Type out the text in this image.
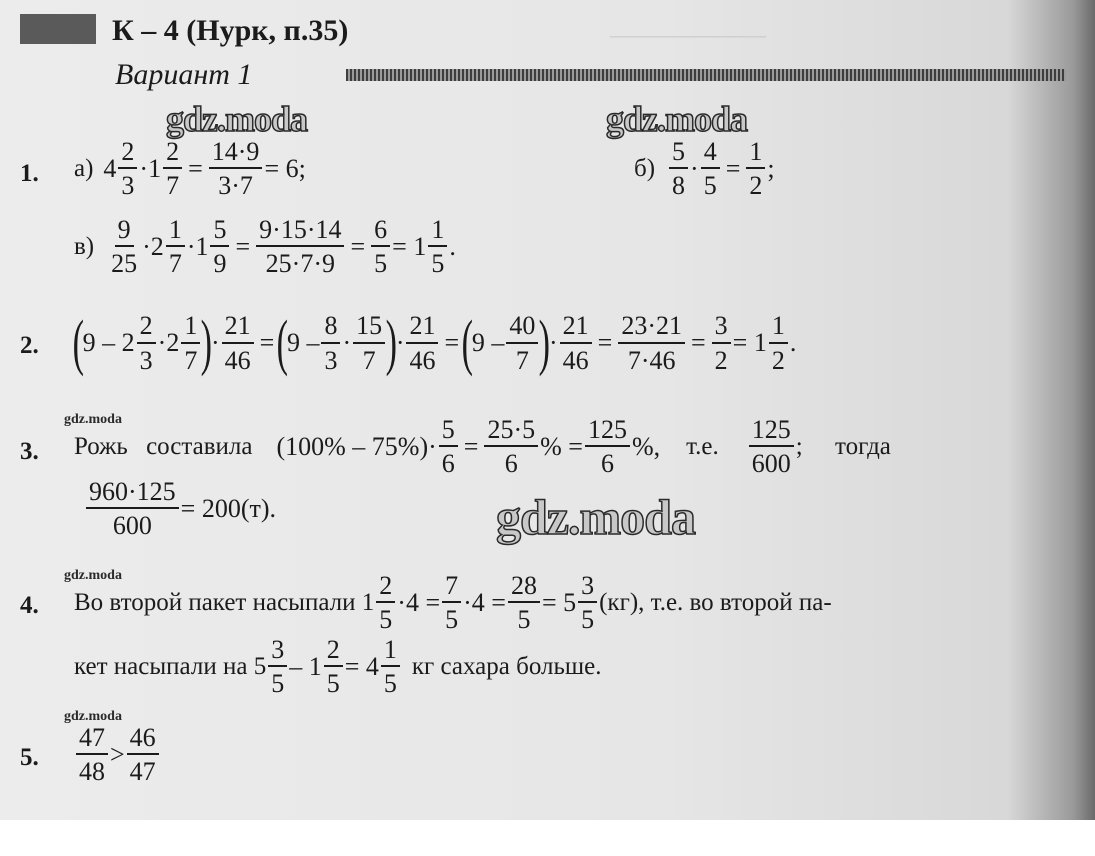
——————
К – 4 (Нурк, п.35)
Вариант 1
gdz.moda	gdz.moda
gdz.moda
gdz.moda
gdz.moda
gdz.moda
1. а) $4 \frac{2}{3} \cdot 1 \frac{2}{7} = \frac{14\cdot 9}{3\cdot 7} = 6$;	$б) \frac{5}{8} \cdot \frac{4}{5} = \frac{1}{2}$ ;
$в) \frac{9}{25} \cdot 2 \frac{1}{7} \cdot 1 \frac{5}{9} = \frac{9\cdot 15\cdot 14}{25\cdot 7\cdot 9} = \frac{6}{5} = 1 \frac{1}{5}$ .
2. (
$9 - 2 \frac{2}{3} \cdot 2 \frac{1}{7}$ )
· $\frac{21}{46}$ = (
$9 - \frac{8}{3} \cdot \frac{15}{7}$ )
· $\frac{21}{46}$ = (
$9 - \frac{40}{7}$ )
· $\frac{21}{46} = \frac{23\cdot 21}{7\cdot 46} = \frac{3}{2} = 1 \frac{1}{2}$ .
3. Рожь составила $(100\% - 75\%)\cdot \frac{5}{6} = \frac{25\cdot 5}{6}$ % = $\frac{125}{6}$ %, т.е. $\frac{125}{600}$ ; тогда
$\frac{960\cdot 125}{600} = 200(т)$.
4. Во второй пакет насыпали $1 \frac{2}{5} \cdot 4 = \frac{7}{5} \cdot 4 = \frac{28}{5} = 5 \frac{3}{5} (кг)$, т.е. во второй па-
кет насыпали на $5 \frac{3}{5} - 1 \frac{2}{5} = 4 \frac{1}{5}$ кг сахара больше.
5. $\frac{47}{48} > \frac{46}{47}$
